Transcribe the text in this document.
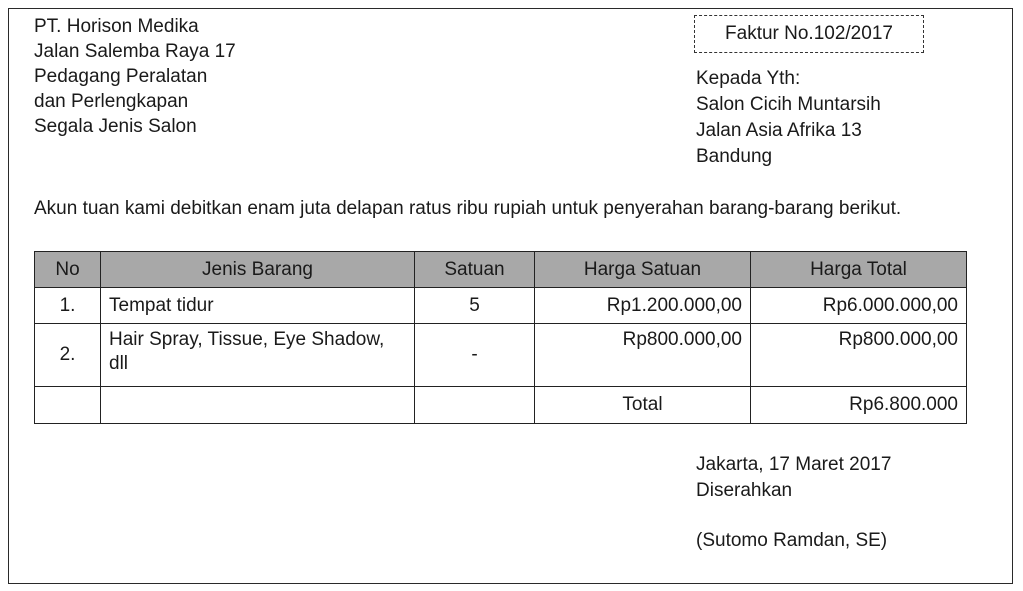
PT. Horison Medika
Jalan Salemba Raya 17
Pedagang Peralatan
dan Perlengkapan
Segala Jenis Salon
Faktur No.102/2017
Kepada Yth:
Salon Cicih Muntarsih
Jalan Asia Afrika 13
Bandung
Akun tuan kami debitkan enam juta delapan ratus ribu rupiah untuk penyerahan barang-barang berikut.
No	Jenis Barang	Satuan	Harga Satuan	Harga Total
1.	Tempat tidur	5	Rp1.200.000,00	Rp6.000.000,00
2.	Hair Spray, Tissue, Eye Shadow, dll	-	Rp800.000,00	Rp800.000,00
			Total	Rp6.800.000
Jakarta, 17 Maret 2017
Diserahkan
(Sutomo Ramdan, SE)
